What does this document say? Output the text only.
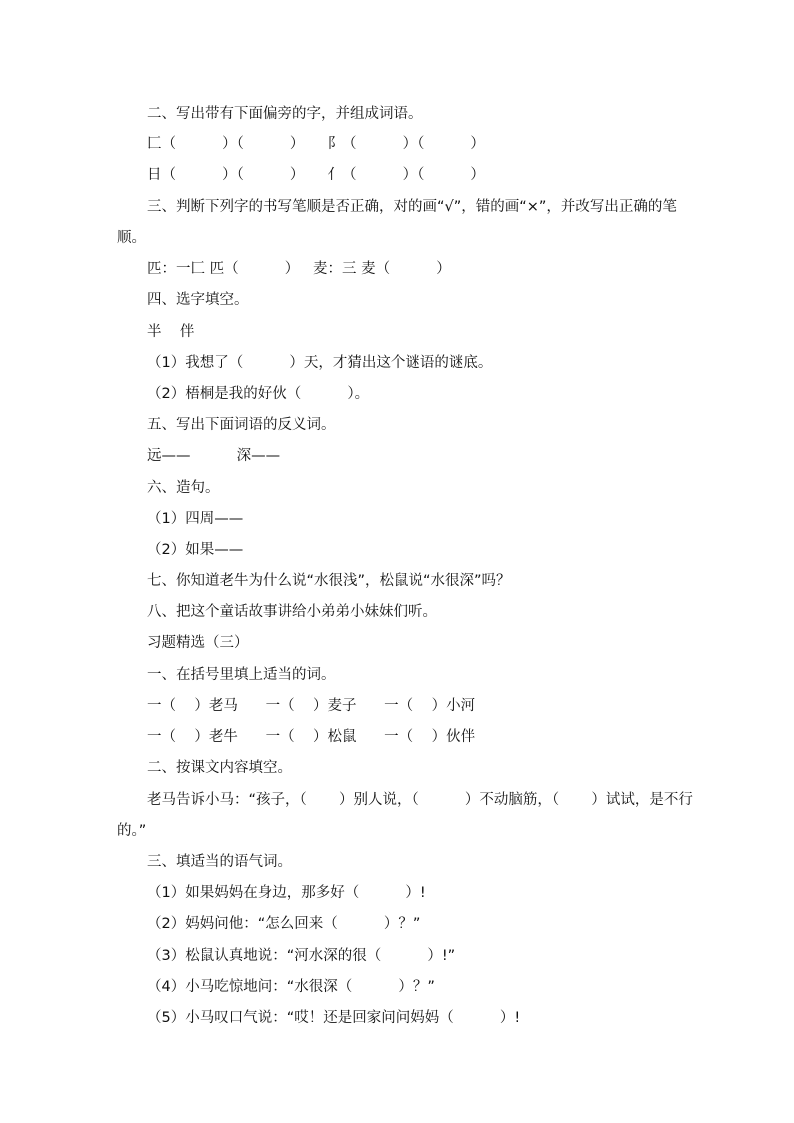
二、写出带有下面偏旁的字，并组成词语。
匚（          ）（          ）     ⻖（          ）（          ）
日（          ）（          ）     亻（          ）（          ）
三、判断下列字的书写笔顺是否正确，对的画“√”，错的画“×”，并改写出正确的笔
顺。
匹：一匚 匹（          ）   麦：三 麦（          ）
四、选字填空。
半    伴
（1）我想了（          ）天，才猜出这个谜语的谜底。
（2）梧桐是我的好伙（          ）。
五、写出下面词语的反义词。
远——          深——
六、造句。
（1）四周——
（2）如果——
七、你知道老牛为什么说“水很浅”，松鼠说“水很深”吗？
八、把这个童话故事讲给小弟弟小妹妹们听。
习题精选（三）
一、在括号里填上适当的词。
一（    ）老马      一（    ）麦子      一（    ）小河
一（    ）老牛      一（    ）松鼠      一（    ）伙伴
二、按课文内容填空。
老马告诉小马：“孩子，（       ）别人说，（          ）不动脑筋，（       ）试试，是不行
的。”
三、填适当的语气词。
（1）如果妈妈在身边，那多好（          ）!
（2）妈妈问他：“怎么回来（          ）？”
（3）松鼠认真地说：“河水深的很（          ）!”
（4）小马吃惊地问：“水很深（          ）？”
（5）小马叹口气说：“哎！还是回家问问妈妈（          ）!
